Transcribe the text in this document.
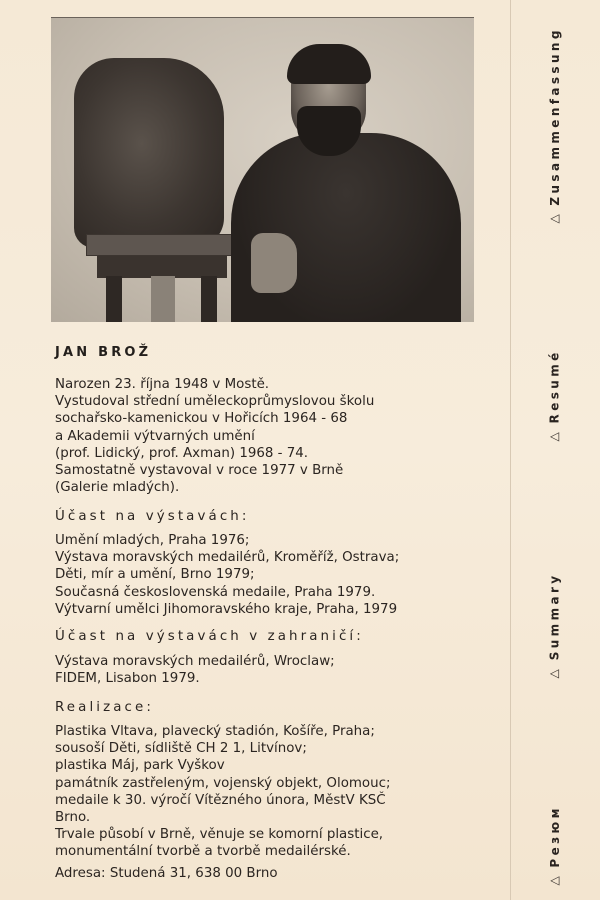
JAN BROŽ
Narozen 23. října 1948 v Mostě.
Vystudoval střední uměleckoprůmyslovou školu
sochařsko-kamenickou v Hořicích 1964 - 68
a Akademii výtvarných umění
(prof. Lidický, prof. Axman) 1968 - 74.
Samostatně vystavoval v roce 1977 v Brně
(Galerie mladých).
Účast na výstavách:
Umění mladých, Praha 1976;
Výstava moravských medailérů, Kroměříž, Ostrava;
Děti, mír a umění, Brno 1979;
Současná československá medaile, Praha 1979.
Výtvarní umělci Jihomoravského kraje, Praha, 1979
Účast na výstavách v zahraničí:
Výstava moravských medailérů, Wroclaw;
FIDEM, Lisabon 1979.
Realizace:
Plastika Vltava, plavecký stadión, Košíře, Praha;
sousoší Děti, sídliště CH 2 1, Litvínov;
plastika Máj, park Vyškov
památník zastřeleným, vojenský objekt, Olomouc;
medaile k 30. výročí Vítězného února, MěstV KSČ
Brno.
Trvale působí v Brně, věnuje se komorní plastice,
monumentální tvorbě a tvorbě medailérské.
Adresa: Studená 31, 638 00 Brno
◁
Zusammenfassung
◁
Resumé
◁
Summary
◁
Резюм
